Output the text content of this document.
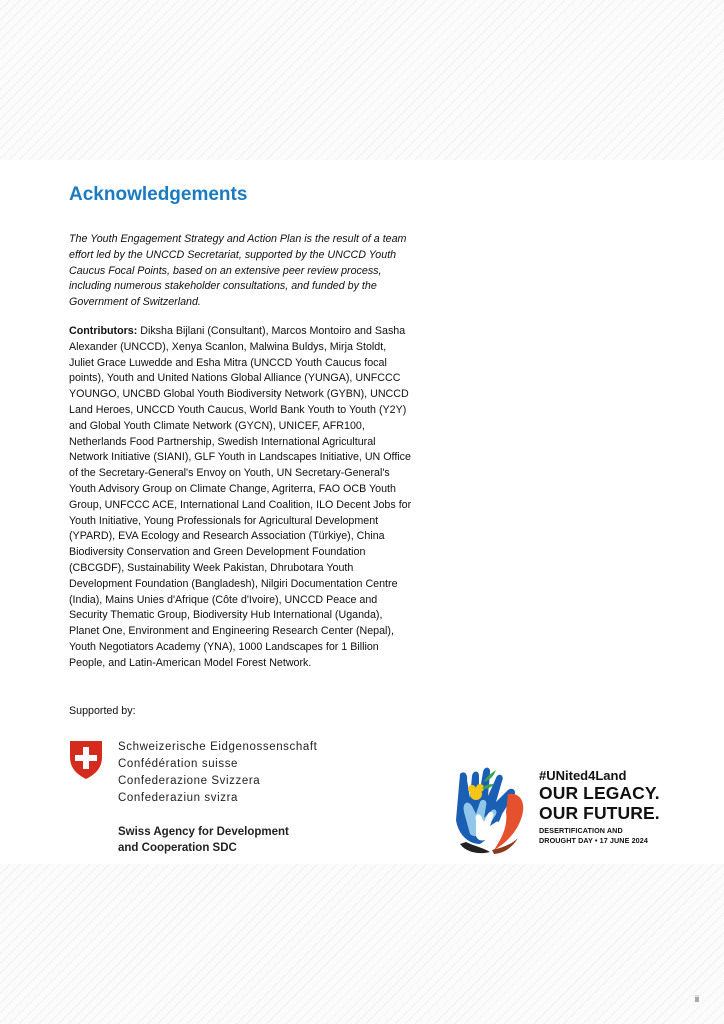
Acknowledgements

The Youth Engagement Strategy and Action Plan is the result of a team effort led by the UNCCD Secretariat, supported by the UNCCD Youth Caucus Focal Points, based on an extensive peer review process, including numerous stakeholder consultations, and funded by the Government of Switzerland.

Contributors: Diksha Bijlani (Consultant), Marcos Montoiro and Sasha Alexander (UNCCD), Xenya Scanlon, Malwina Buldys, Mirja Stoldt, Juliet Grace Luwedde and Esha Mitra (UNCCD Youth Caucus focal points), Youth and United Nations Global Alliance (YUNGA), UNFCCC YOUNGO, UNCBD Global Youth Biodiversity Network (GYBN), UNCCD Land Heroes, UNCCD Youth Caucus, World Bank Youth to Youth (Y2Y) and Global Youth Climate Network (GYCN), UNICEF, AFR100, Netherlands Food Partnership, Swedish International Agricultural Network Initiative (SIANI), GLF Youth in Landscapes Initiative, UN Office of the Secretary-General's Envoy on Youth, UN Secretary-General's Youth Advisory Group on Climate Change, Agriterra, FAO OCB Youth Group, UNFCCC ACE, International Land Coalition, ILO Decent Jobs for Youth Initiative, Young Professionals for Agricultural Development (YPARD), EVA Ecology and Research Association (Türkiye), China Biodiversity Conservation and Green Development Foundation (CBCGDF), Sustainability Week Pakistan, Dhrubotara Youth Development Foundation (Bangladesh), Nilgiri Documentation Centre (India), Mains Unies d'Afrique (Côte d'Ivoire), UNCCD Peace and Security Thematic Group, Biodiversity Hub International (Uganda), Planet One, Environment and Engineering Research Center (Nepal), Youth Negotiators Academy (YNA), 1000 Landscapes for 1 Billion People, and Latin-American Model Forest Network.

Supported by:

Schweizerische Eidgenossenschaft
Confédération suisse
Confederazione Svizzera
Confederaziun svizra
Swiss Agency for Development
and Cooperation SDC
#UNited4Land
OUR LEGACY.
OUR FUTURE.
DESERTIFICATION AND
DROUGHT DAY • 17 JUNE 2024
ii
